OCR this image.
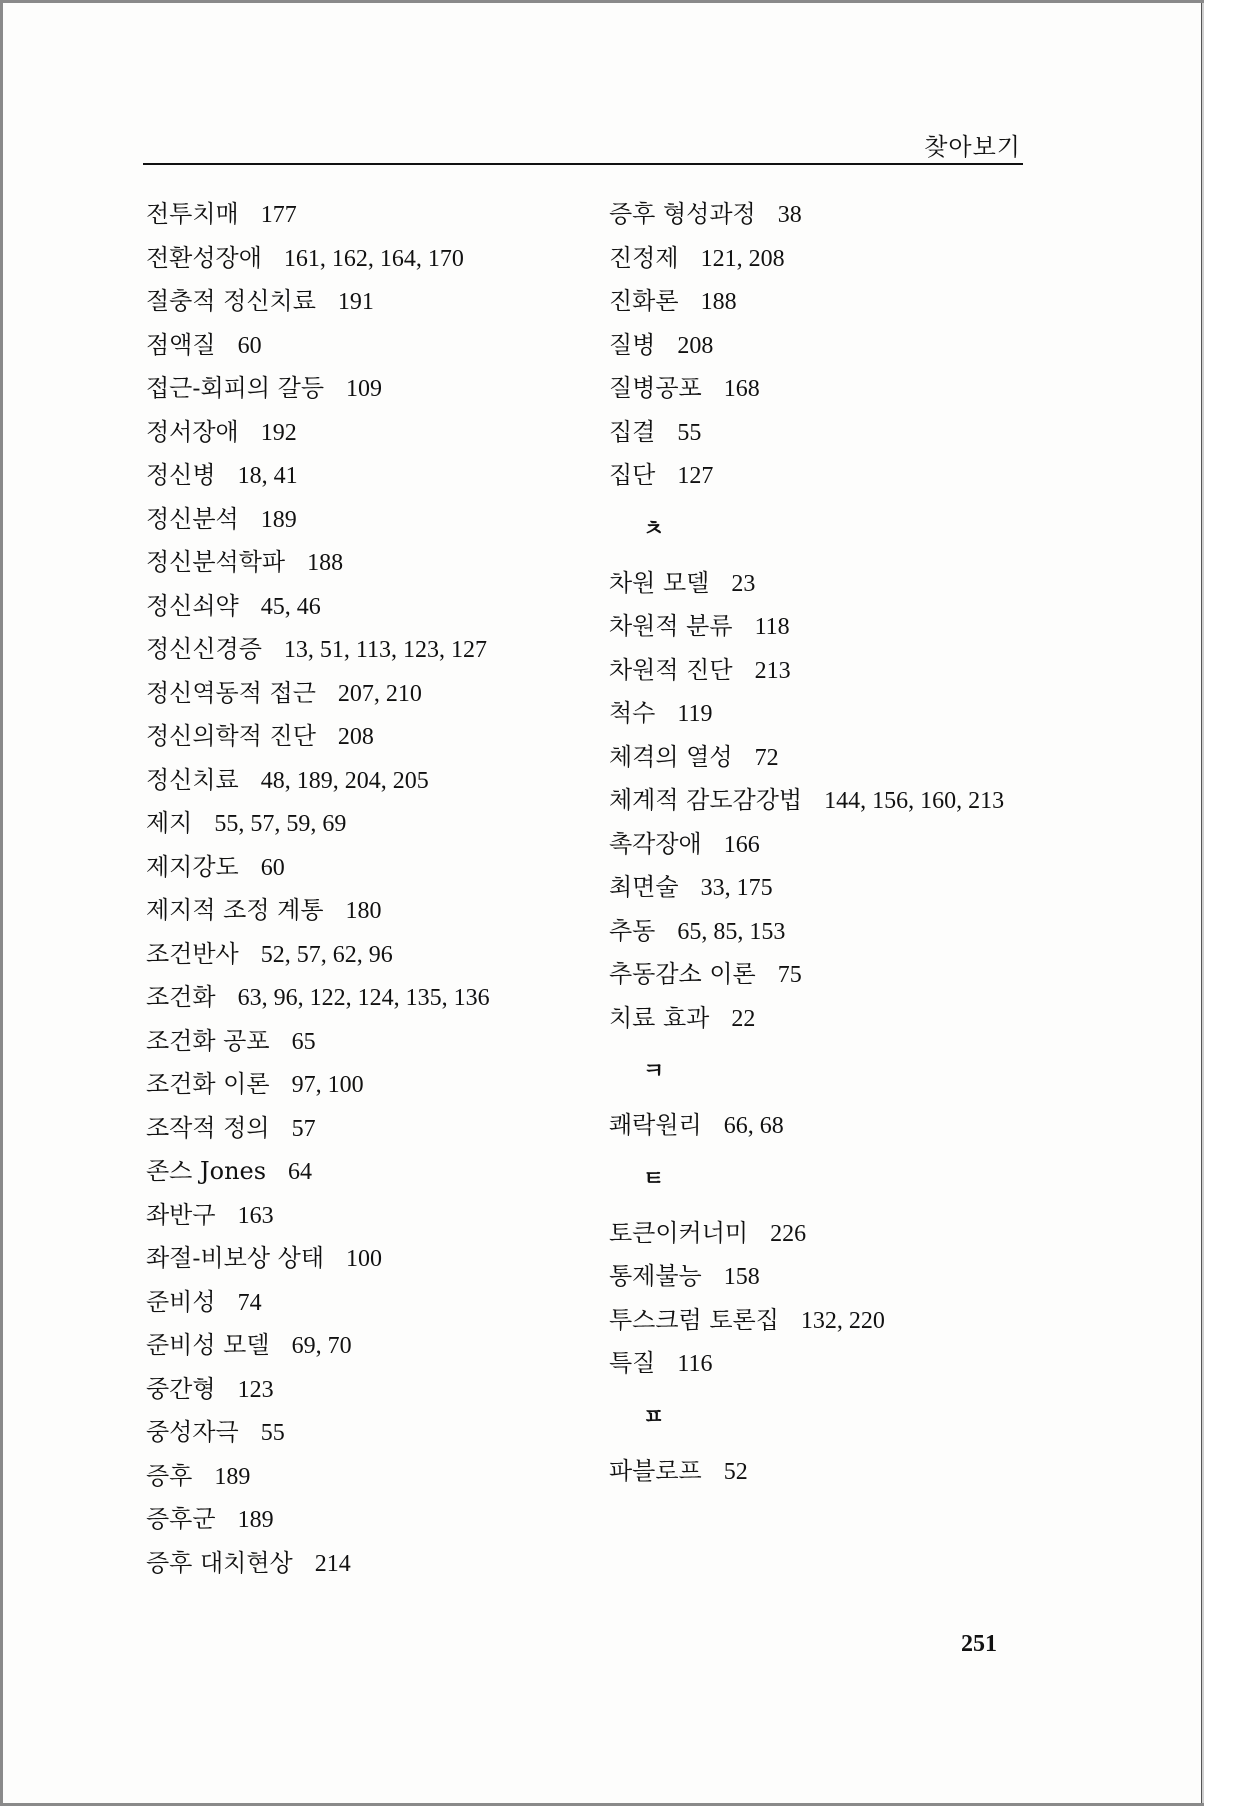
찾아보기
전투치매 177
전환성장애 161, 162, 164, 170
절충적 정신치료 191
점액질 60
접근-회피의 갈등 109
정서장애 192
정신병 18, 41
정신분석 189
정신분석학파 188
정신쇠약 45, 46
정신신경증 13, 51, 113, 123, 127
정신역동적 접근 207, 210
정신의학적 진단 208
정신치료 48, 189, 204, 205
제지 55, 57, 59, 69
제지강도 60
제지적 조정 계통 180
조건반사 52, 57, 62, 96
조건화 63, 96, 122, 124, 135, 136
조건화 공포 65
조건화 이론 97, 100
조작적 정의 57
존스 Jones 64
좌반구 163
좌절-비보상 상태 100
준비성 74
준비성 모델 69, 70
중간형 123
중성자극 55
증후 189
증후군 189
증후 대치현상 214
증후 형성과정 38
진정제 121, 208
진화론 188
질병 208
질병공포 168
집결 55
집단 127
ㅊ
차원 모델 23
차원적 분류 118
차원적 진단 213
척수 119
체격의 열성 72
체계적 감도감강법 144, 156, 160, 213
촉각장애 166
최면술 33, 175
추동 65, 85, 153
추동감소 이론 75
치료 효과 22
ㅋ
쾌락원리 66, 68
ㅌ
토큰이커너미 226
통제불능 158
투스크럼 토론집 132, 220
특질 116
ㅍ
파블로프 52
251
